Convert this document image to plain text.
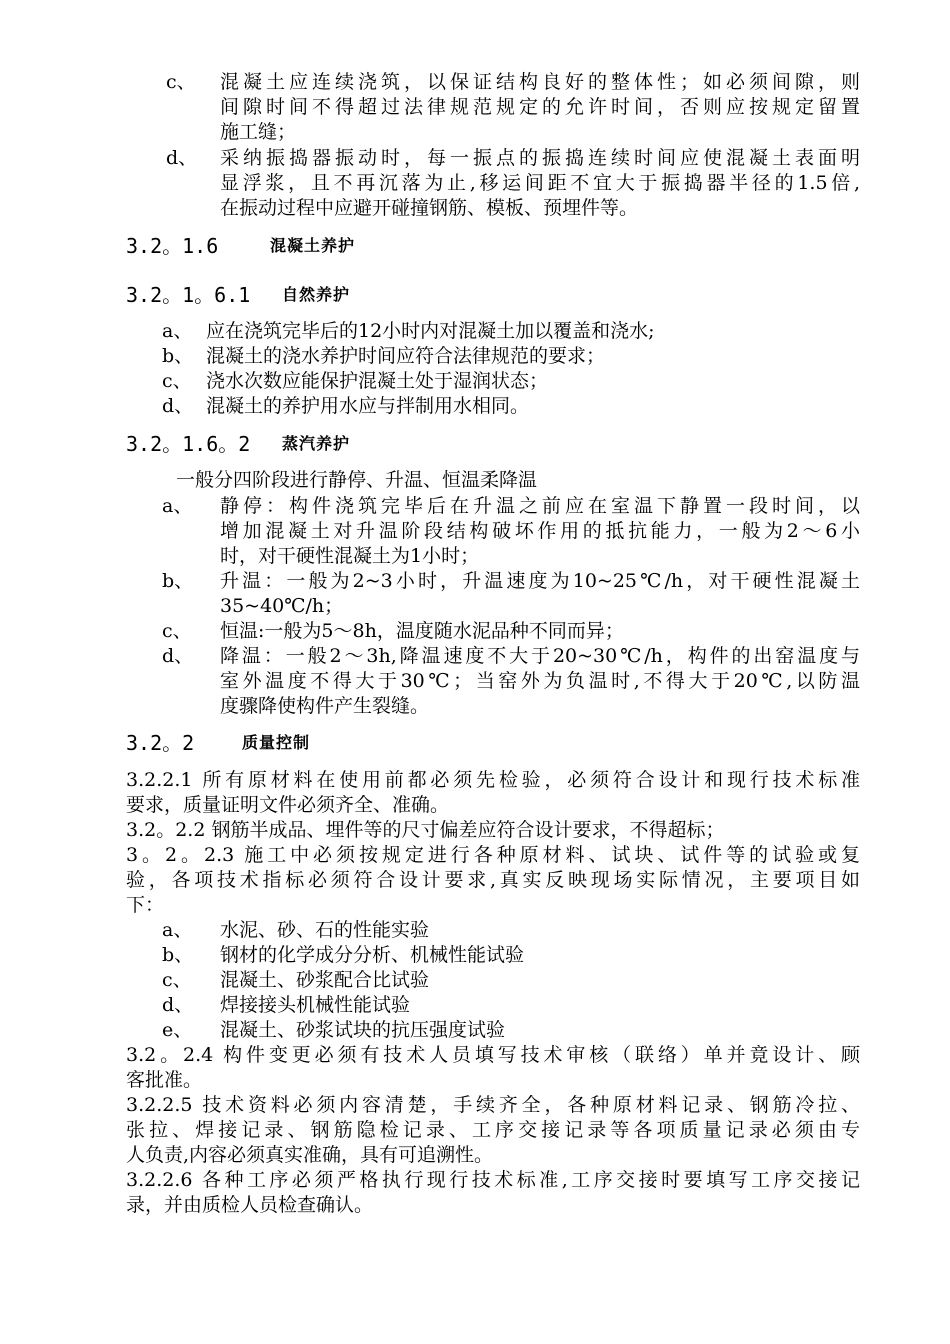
c、 混凝土应连续浇筑，以保证结构良好的整体性；如必须间隙，则
间隙时间不得超过法律规范规定的允许时间，否则应按规定留置
施工缝；
d、 采纳振捣器振动时，每一振点的振捣连续时间应使混凝土表面明
显浮浆，且不再沉落为止,移运间距不宜大于振捣器半径的1.5倍,
在振动过程中应避开碰撞钢筋、模板、预埋件等。
3.2。1.6	混凝土养护
3.2。1。6.1 自然养护
a、 应在浇筑完毕后的12小时内对混凝土加以覆盖和浇水;
b、 混凝土的浇水养护时间应符合法律规范的要求；
c、 浇水次数应能保护混凝土处于湿润状态；
d、 混凝土的养护用水应与拌制用水相同。
3.2。1.6。2 蒸汽养护
一般分四阶段进行静停、升温、恒温柔降温
a、 静停：构件浇筑完毕后在升温之前应在室温下静置一段时间，以
增加混凝土对升温阶段结构破坏作用的抵抗能力，一般为2～6小
时，对干硬性混凝土为1小时；
b、 升温：一般为2~3小时，升温速度为10~25℃/h，对干硬性混凝土
35~40℃/h；
c、 恒温:一般为5～8h，温度随水泥品种不同而异；
d、 降温：一般2～3h,降温速度不大于20~30℃/h，构件的出窑温度与
室外温度不得大于30℃；当窑外为负温时,不得大于20℃,以防温
度骤降使构件产生裂缝。
3.2。2	质量控制
3.2.2.1 所有原材料在使用前都必须先检验，必须符合设计和现行技术标准
要求，质量证明文件必须齐全、准确。
3.2。2.2 钢筋半成品、埋件等的尺寸偏差应符合设计要求，不得超标；
3。2。2.3 施工中必须按规定进行各种原材料、试块、试件等的试验或复
验，各项技术指标必须符合设计要求,真实反映现场实际情况，主要项目如
下：
a、 水泥、砂、石的性能实验
b、 钢材的化学成分分析、机械性能试验
c、 混凝土、砂浆配合比试验
d、 焊接接头机械性能试验
e、 混凝土、砂浆试块的抗压强度试验
3.2。2.4 构件变更必须有技术人员填写技术审核（联络）单并竟设计、顾
客批准。
3.2.2.5 技术资料必须内容清楚，手续齐全，各种原材料记录、钢筋冷拉、
张拉、焊接记录、钢筋隐检记录、工序交接记录等各项质量记录必须由专
人负责,内容必须真实准确，具有可追溯性。
3.2.2.6 各种工序必须严格执行现行技术标准,工序交接时要填写工序交接记
录，并由质检人员检查确认。
